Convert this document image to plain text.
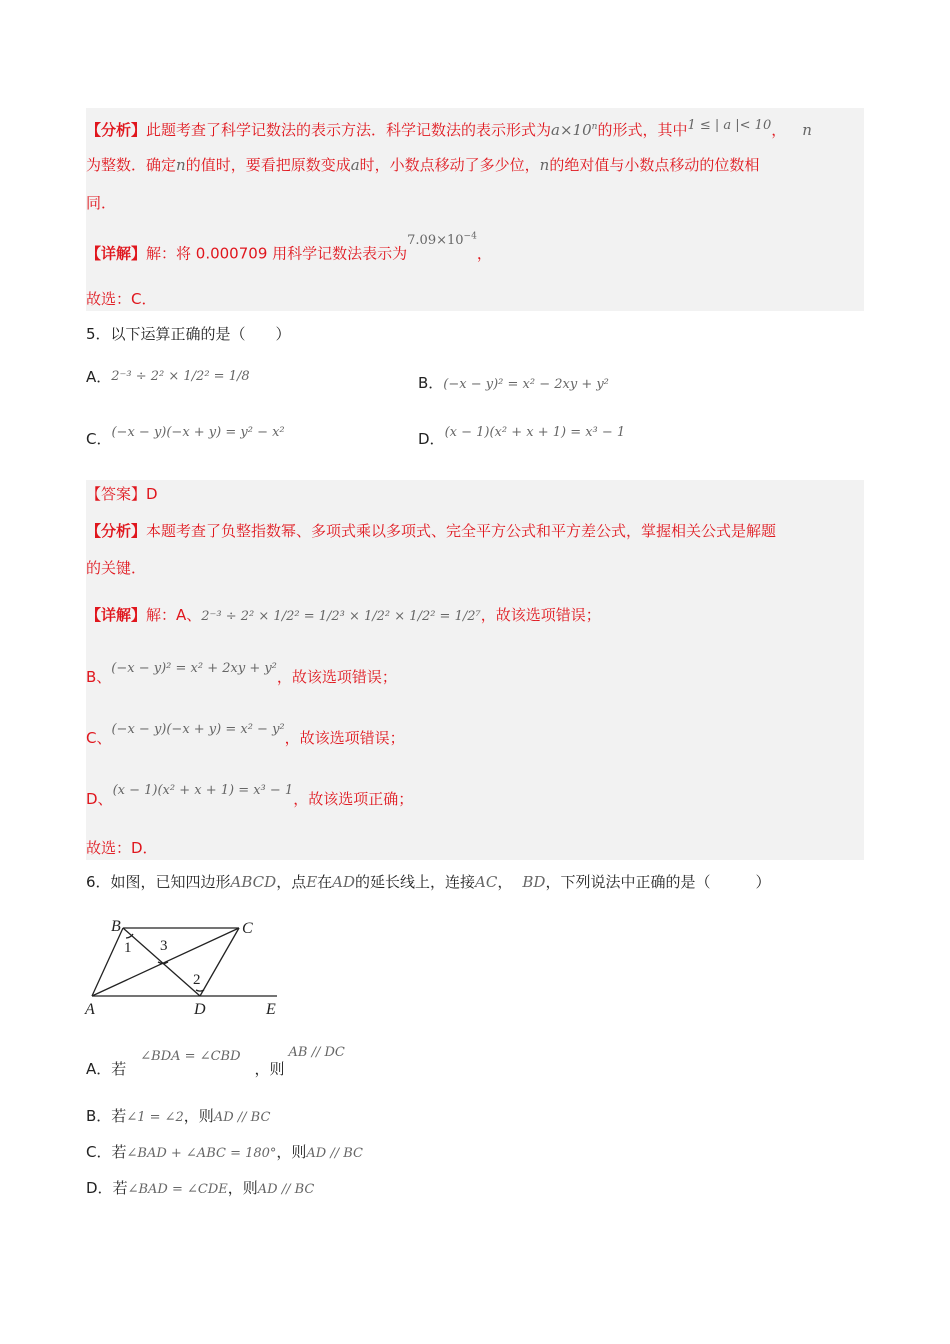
【分析】此题考查了科学记数法的表示方法．科学记数法的表示形式为$a\times 10^n$的形式，其中1 ≤ | a |< 10， n
为整数．确定n的值时，要看把原数变成a时，小数点移动了多少位，n的绝对值与小数点移动的位数相
同．
【详解】解：将 0.000709 用科学记数法表示为$7.09\times 10^{-4}$，
故选：C．
5．以下运算正确的是（　　）
A．2⁻³ ÷ 2² × 1/2² = 1/8	B．(−x − y)² = x² − 2xy + y²
C．(−x − y)(−x + y) = y² − x²	D．(x − 1)(x² + x + 1) = x³ − 1
【答案】D
【分析】本题考查了负整指数幂、多项式乘以多项式、完全平方公式和平方差公式，掌握相关公式是解题
的关键．
【详解】解：A、2⁻³ ÷ 2² × 1/2² = 1/2³ × 1/2² × 1/2² = 1/2⁷，故该选项错误；
B、(−x − y)² = x² + 2xy + y²，故该选项错误；
C、(−x − y)(−x + y) = x² − y²，故该选项错误；
D、(x − 1)(x² + x + 1) = x³ − 1，故该选项正确；
故选：D．
6．如图，已知四边形ABCD，点E在AD的延长线上，连接AC， BD，下列说法中正确的是（　　　）
B	C
A	D	E
1 3
2
A．若∠BDA = ∠CBD，则AB // DC
B．若∠1 = ∠2，则AD // BC
C．若∠BAD + ∠ABC = 180°，则AD // BC
D．若∠BAD = ∠CDE，则AD // BC
